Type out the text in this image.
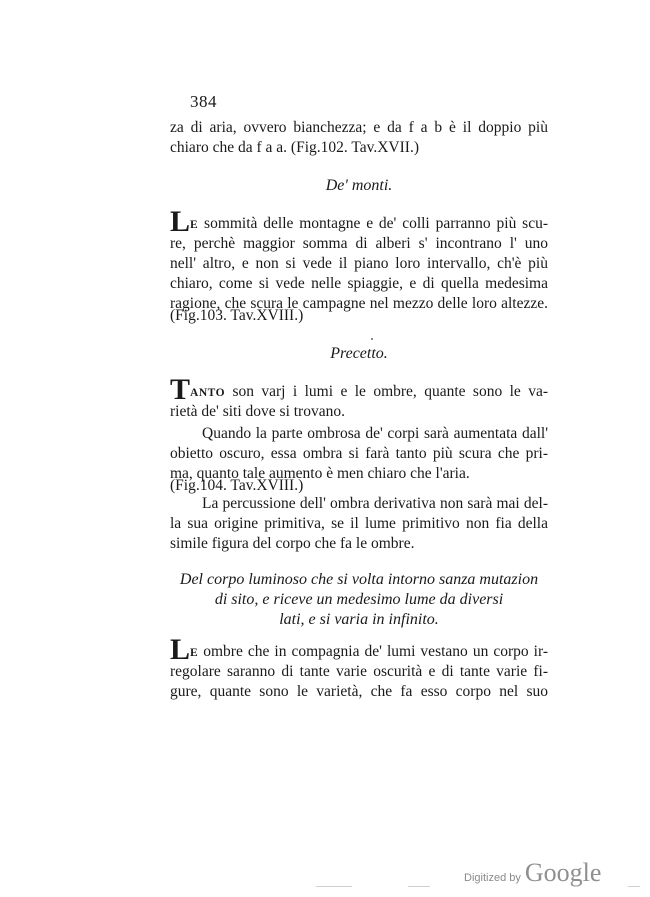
384
za di aria, ovvero bianchezza; e da f a b è il doppio più
chiaro che da f a a. (Fig.102. Tav.XVII.)
De' monti.
LE sommità delle montagne e de' colli parranno più scu-
re, perchè maggior somma di alberi s' incontrano l' uno
nell' altro, e non si vede il piano loro intervallo, ch'è più
chiaro, come si vede nelle spiaggie, e di quella medesima
ragione, che scura le campagne nel mezzo delle loro altezze.
(Fig.103. Tav.XVIII.)
Precetto.
TANTO son varj i lumi e le ombre, quante sono le va-
rietà de' siti dove si trovano.
Quando la parte ombrosa de' corpi sarà aumentata dall'
obietto oscuro, essa ombra si farà tanto più scura che pri-
ma, quanto tale aumento è men chiaro che l'aria.
(Fig.104. Tav.XVIII.)
La percussione dell' ombra derivativa non sarà mai del-
la sua origine primitiva, se il lume primitivo non fia della
simile figura del corpo che fa le ombre.
Del corpo luminoso che si volta intorno sanza mutazion
di sito, e riceve un medesimo lume da diversi
lati, e si varia in infinito.
LE ombre che in compagnia de' lumi vestano un corpo ir-
regolare saranno di tante varie oscurità e di tante varie fi-
gure, quante sono le varietà, che fa esso corpo nel suo
Digitized by Google
